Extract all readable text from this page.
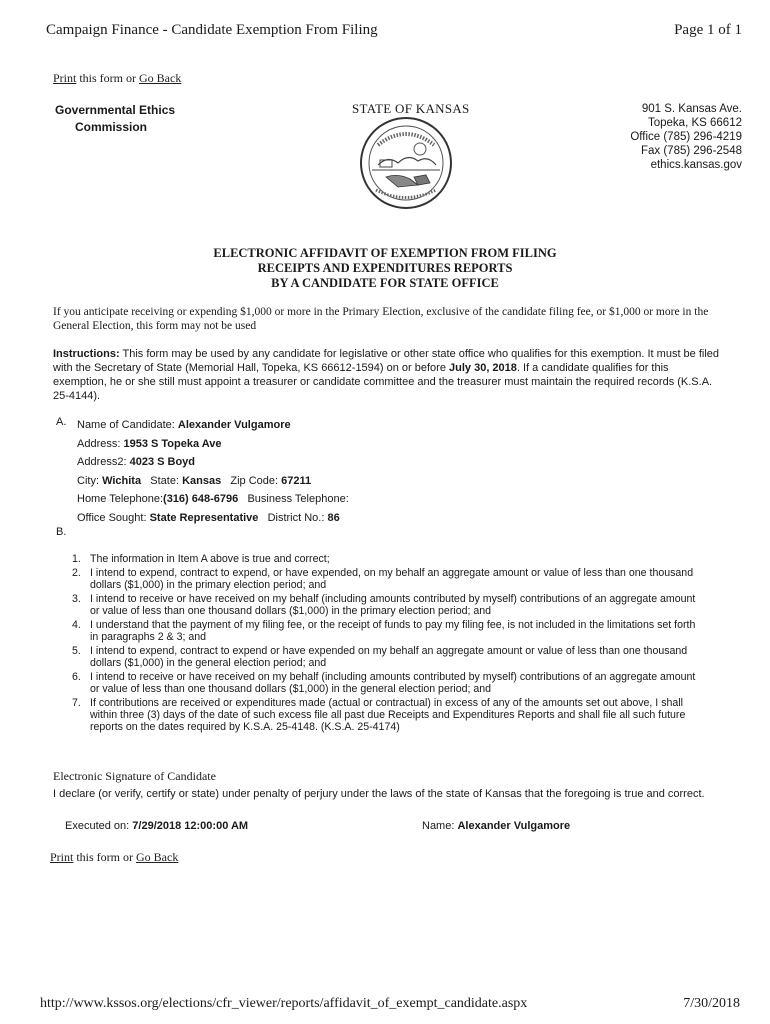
Campaign Finance - Candidate Exemption From Filing	Page 1 of 1
Print this form or Go Back
Governmental Ethics
Commission
STATE OF KANSAS	901 S. Kansas Ave.
Topeka, KS 66612
Office (785) 296-4219
Fax (785) 296-2548
ethics.kansas.gov
ELECTRONIC AFFIDAVIT OF EXEMPTION FROM FILING
RECEIPTS AND EXPENDITURES REPORTS
BY A CANDIDATE FOR STATE OFFICE
If you anticipate receiving or expending $1,000 or more in the Primary Election, exclusive of the candidate filing fee, or $1,000 or more in the General Election, this form may not be used
Instructions: This form may be used by any candidate for legislative or other state office who qualifies for this exemption. It must be filed with the Secretary of State (Memorial Hall, Topeka, KS 66612-1594) on or before July 30, 2018. If a candidate qualifies for this exemption, he or she still must appoint a treasurer or candidate committee and the treasurer must maintain the required records (K.S.A. 25-4144).
A. Name of Candidate: Alexander Vulgamore
Address: 1953 S Topeka Ave
Address2: 4023 S Boyd
City: Wichita State: Kansas Zip Code: 67211
Home Telephone:(316) 648-6796 Business Telephone:
Office Sought: State Representative District No.: 86
B.
1. The information in Item A above is true and correct;
2. I intend to expend, contract to expend, or have expended, on my behalf an aggregate amount or value of less than one thousand dollars ($1,000) in the primary election period; and
3. I intend to receive or have received on my behalf (including amounts contributed by myself) contributions of an aggregate amount or value of less than one thousand dollars ($1,000) in the primary election period; and
4. I understand that the payment of my filing fee, or the receipt of funds to pay my filing fee, is not included in the limitations set forth in paragraphs 2 & 3; and
5. I intend to expend, contract to expend or have expended on my behalf an aggregate amount or value of less than one thousand dollars ($1,000) in the general election period; and
6. I intend to receive or have received on my behalf (including amounts contributed by myself) contributions of an aggregate amount or value of less than one thousand dollars ($1,000) in the general election period; and
7. If contributions are received or expenditures made (actual or contractual) in excess of any of the amounts set out above, I shall within three (3) days of the date of such excess file all past due Receipts and Expenditures Reports and shall file all such future reports on the dates required by K.S.A. 25-4148. (K.S.A. 25-4174)
Electronic Signature of Candidate
I declare (or verify, certify or state) under penalty of perjury under the laws of the state of Kansas that the foregoing is true and correct.
Executed on: 7/29/2018 12:00:00 AM	Name: Alexander Vulgamore
Print this form or Go Back
http://www.kssos.org/elections/cfr_viewer/reports/affidavit_of_exempt_candidate.aspx	7/30/2018
